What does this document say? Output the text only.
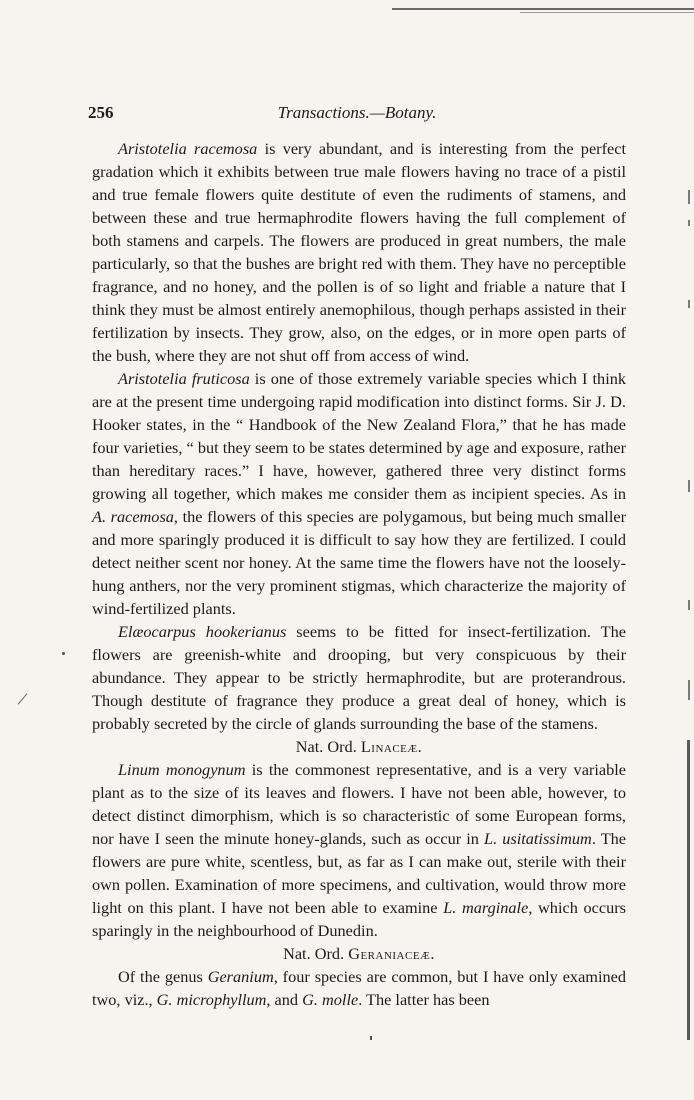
256	Transactions.—Botany.

Aristotelia racemosa is very abundant, and is interesting from the perfect gradation which it exhibits between true male flowers having no trace of a pistil and true female flowers quite destitute of even the rudiments of stamens, and between these and true hermaphrodite flowers having the full complement of both stamens and carpels. The flowers are produced in great numbers, the male particularly, so that the bushes are bright red with them. They have no perceptible fragrance, and no honey, and the pollen is of so light and friable a nature that I think they must be almost entirely anemophilous, though perhaps assisted in their fertilization by insects. They grow, also, on the edges, or in more open parts of the bush, where they are not shut off from access of wind.

Aristotelia fruticosa is one of those extremely variable species which I think are at the present time undergoing rapid modification into distinct forms. Sir J. D. Hooker states, in the “ Handbook of the New Zealand Flora,” that he has made four varieties, “ but they seem to be states determined by age and exposure, rather than hereditary races.” I have, however, gathered three very distinct forms growing all together, which makes me consider them as incipient species. As in A. racemosa, the flowers of this species are polygamous, but being much smaller and more sparingly produced it is difficult to say how they are fertilized. I could detect neither scent nor honey. At the same time the flowers have not the loosely-hung anthers, nor the very prominent stigmas, which characterize the majority of wind-fertilized plants.

Elæocarpus hookerianus seems to be fitted for insect-fertilization. The flowers are greenish-white and drooping, but very conspicuous by their abundance. They appear to be strictly hermaphrodite, but are proterandrous. Though destitute of fragrance they produce a great deal of honey, which is probably secreted by the circle of glands surrounding the base of the stamens.

Nat. Ord. Linaceæ.

Linum monogynum is the commonest representative, and is a very variable plant as to the size of its leaves and flowers. I have not been able, however, to detect distinct dimorphism, which is so characteristic of some European forms, nor have I seen the minute honey-glands, such as occur in L. usitatissimum. The flowers are pure white, scentless, but, as far as I can make out, sterile with their own pollen. Examination of more specimens, and cultivation, would throw more light on this plant. I have not been able to examine L. marginale, which occurs sparingly in the neighbourhood of Dunedin.

Nat. Ord. Geraniaceæ.

Of the genus Geranium, four species are common, but I have only examined two, viz., G. microphyllum, and G. molle. The latter has been
